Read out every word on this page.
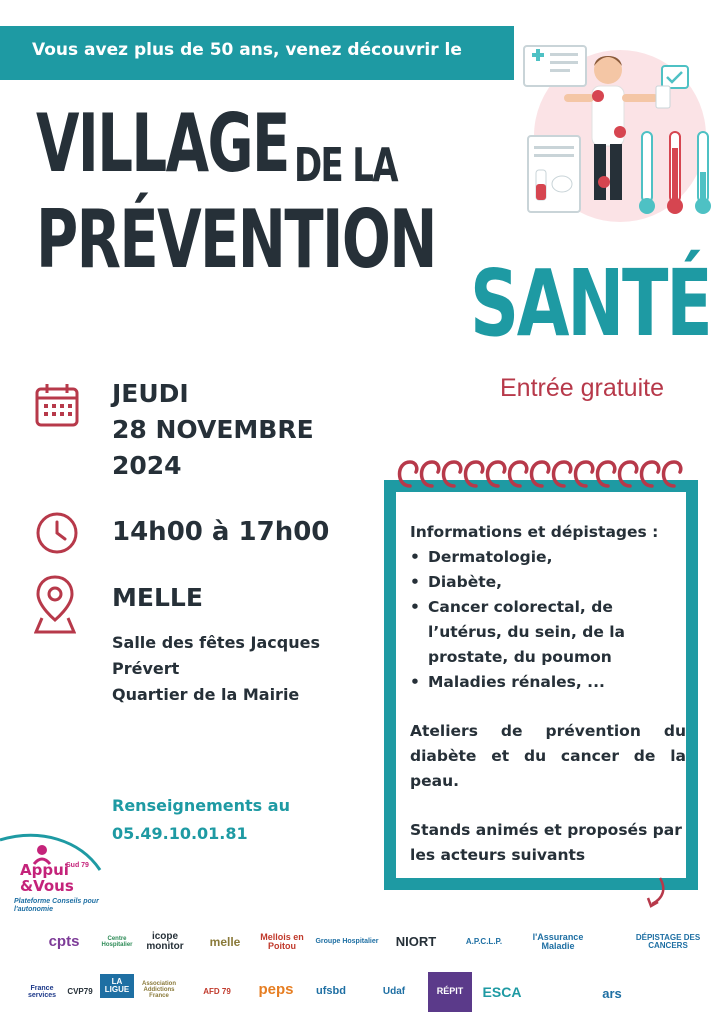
Vous avez plus de 50 ans, venez découvrir le
VILLAGE DE LA
PRÉVENTION
SANTÉ
Entrée gratuite
JEUDI
28 NOVEMBRE
2024
14h00 à 17h00
MELLE
Salle des fêtes Jacques
Prévert
Quartier de la Mairie
Renseignements au
05.49.10.01.81

Informations et dépistages :

• Dermatologie,
• Diabète,
• Cancer colorectal, de l’utérus, du sein, de la prostate, du poumon
• Maladies rénales, ...

Ateliers de prévention du diabète et du cancer de la peau.

Stands animés et proposés par les acteurs suivants

Appui
&Vous
Sud 79
Plateforme Conseils pour l'autonomie
cpts	Centre Hospitalier
icope monitor	melle	Mellois en Poitou	Groupe Hospitalier	NIORT	A.P.C.L.P.	l'Assurance Maladie
DÉPISTAGE DES CANCERS
France services	CVP79
LA LIGUE
Association Addictions France
AFD 79	peps	ufsbd	Udaf	RÉPIT	ESCA	ars
